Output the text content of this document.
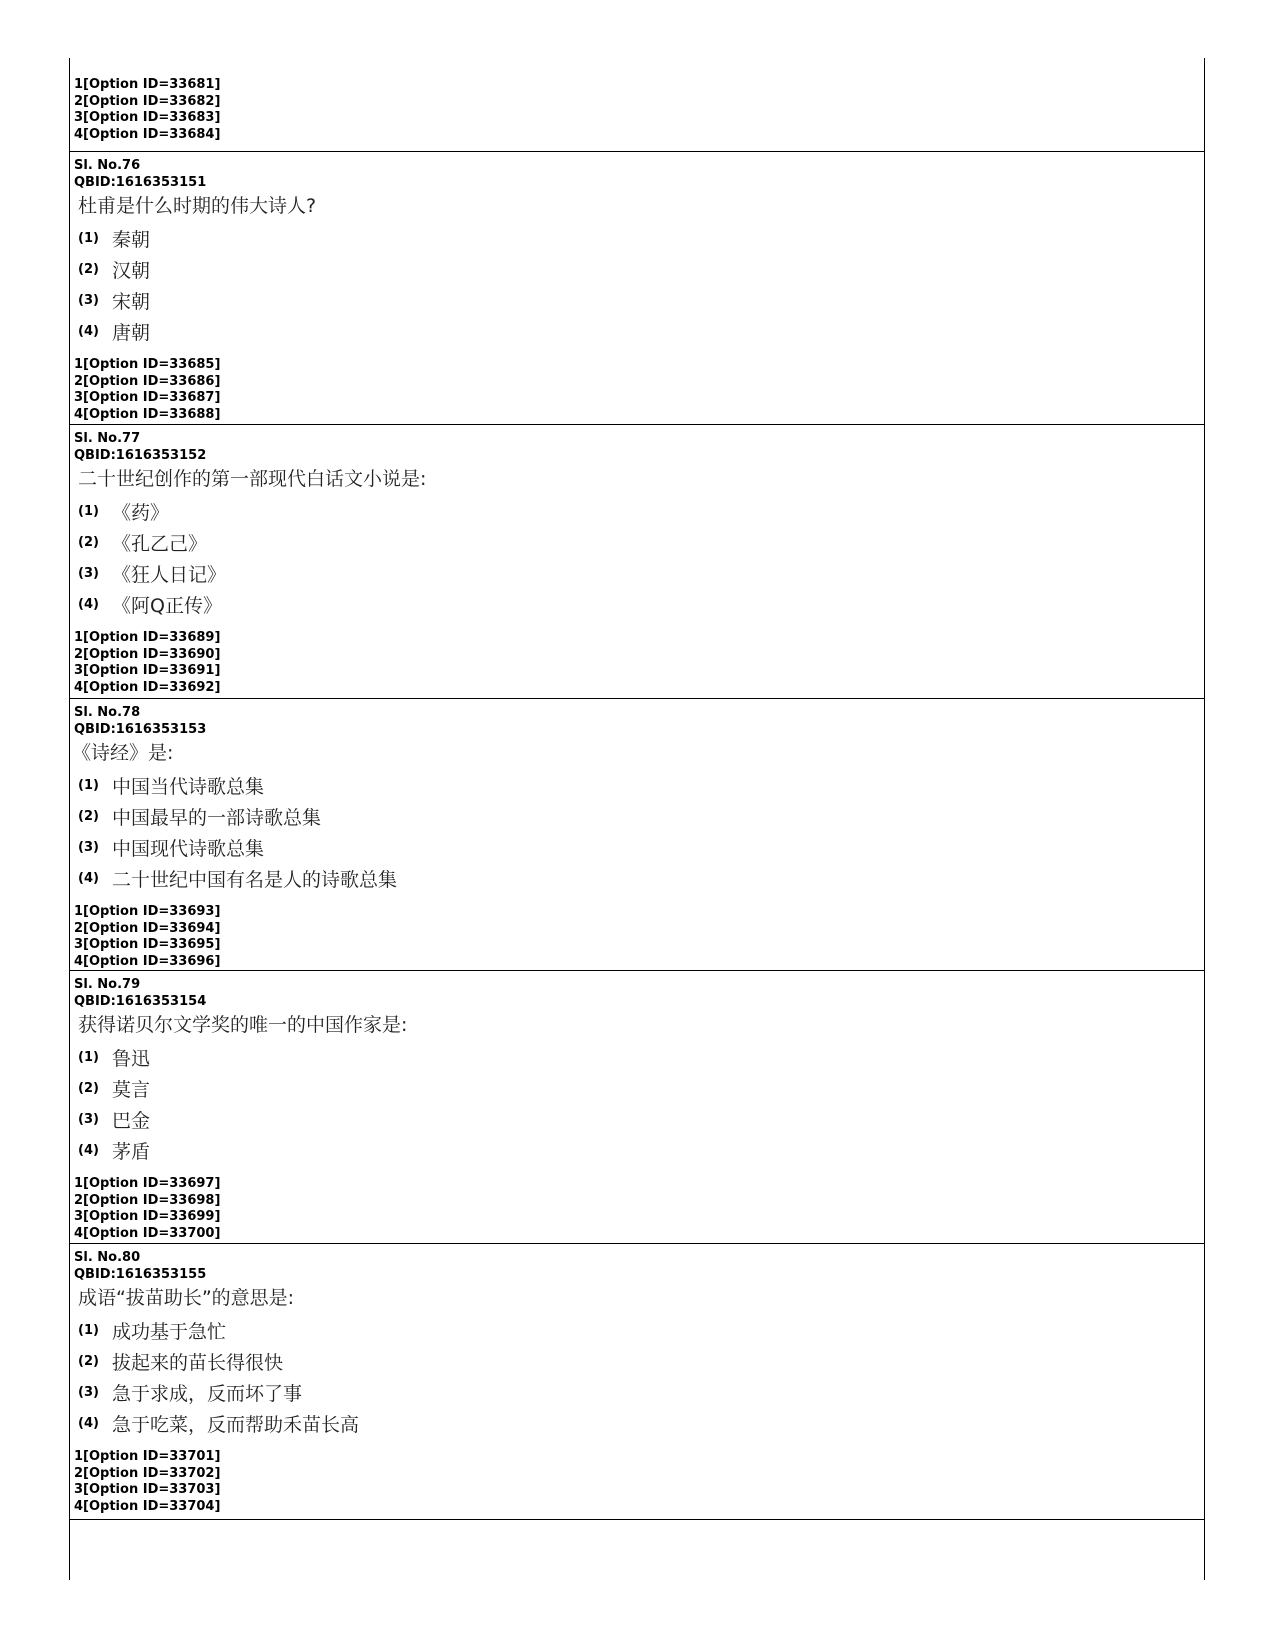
1[Option ID=33681]
2[Option ID=33682]
3[Option ID=33683]
4[Option ID=33684]
Sl. No.76
QBID:1616353151
杜甫是什么时期的伟大诗人?
(1) 秦朝
(2) 汉朝
(3) 宋朝
(4) 唐朝
1[Option ID=33685]
2[Option ID=33686]
3[Option ID=33687]
4[Option ID=33688]
Sl. No.77
QBID:1616353152
二十世纪创作的第一部现代白话文小说是:
(1) 《药》
(2) 《孔乙己》
(3) 《狂人日记》
(4) 《阿Q正传》
1[Option ID=33689]
2[Option ID=33690]
3[Option ID=33691]
4[Option ID=33692]
Sl. No.78
QBID:1616353153
《诗经》是:
(1) 中国当代诗歌总集
(2) 中国最早的一部诗歌总集
(3) 中国现代诗歌总集
(4) 二十世纪中国有名是人的诗歌总集
1[Option ID=33693]
2[Option ID=33694]
3[Option ID=33695]
4[Option ID=33696]
Sl. No.79
QBID:1616353154
获得诺贝尔文学奖的唯一的中国作家是:
(1) 鲁迅
(2) 莫言
(3) 巴金
(4) 茅盾
1[Option ID=33697]
2[Option ID=33698]
3[Option ID=33699]
4[Option ID=33700]
Sl. No.80
QBID:1616353155
成语“拔苗助长”的意思是:
(1) 成功基于急忙
(2) 拔起来的苗长得很快
(3) 急于求成，反而坏了事
(4) 急于吃菜，反而帮助禾苗长高
1[Option ID=33701]
2[Option ID=33702]
3[Option ID=33703]
4[Option ID=33704]
